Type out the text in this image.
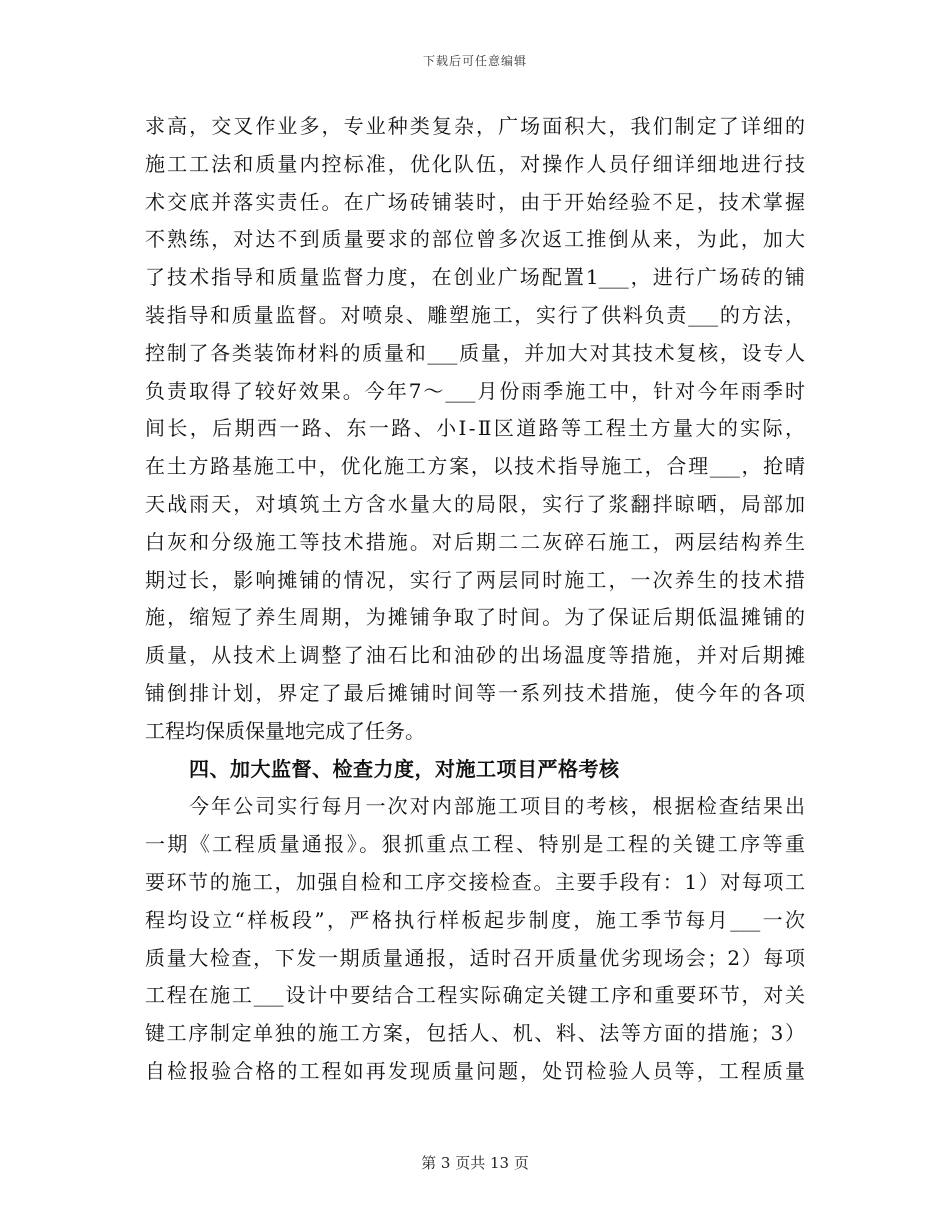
下载后可任意编辑
求高，交叉作业多，专业种类复杂，广场面积大，我们制定了详细的
施工工法和质量内控标准，优化队伍，对操作人员仔细详细地进行技
术交底并落实责任。在广场砖铺装时，由于开始经验不足，技术掌握
不熟练，对达不到质量要求的部位曾多次返工推倒从来，为此，加大
了技术指导和质量监督力度，在创业广场配置1___，进行广场砖的铺
装指导和质量监督。对喷泉、雕塑施工，实行了供料负责___的方法，
控制了各类装饰材料的质量和___质量，并加大对其技术复核，设专人
负责取得了较好效果。今年7～___月份雨季施工中，针对今年雨季时
间长，后期西一路、东一路、小Ⅰ-Ⅱ区道路等工程土方量大的实际，
在土方路基施工中，优化施工方案，以技术指导施工，合理___，抢晴
天战雨天，对填筑土方含水量大的局限，实行了浆翻拌晾晒，局部加
白灰和分级施工等技术措施。对后期二二灰碎石施工，两层结构养生
期过长，影响摊铺的情况，实行了两层同时施工，一次养生的技术措
施，缩短了养生周期，为摊铺争取了时间。为了保证后期低温摊铺的
质量，从技术上调整了油石比和油砂的出场温度等措施，并对后期摊
铺倒排计划，界定了最后摊铺时间等一系列技术措施，使今年的各项
工程均保质保量地完成了任务。
四、加大监督、检查力度，对施工项目严格考核
今年公司实行每月一次对内部施工项目的考核，根据检查结果出
一期《工程质量通报》。狠抓重点工程、特别是工程的关键工序等重
要环节的施工，加强自检和工序交接检查。主要手段有：1）对每项工
程均设立“样板段”，严格执行样板起步制度，施工季节每月___一次
质量大检查，下发一期质量通报，适时召开质量优劣现场会；2）每项
工程在施工___设计中要结合工程实际确定关键工序和重要环节，对关
键工序制定单独的施工方案，包括人、机、料、法等方面的措施；3）
自检报验合格的工程如再发现质量问题，处罚检验人员等，工程质量
第 3 页共 13 页
